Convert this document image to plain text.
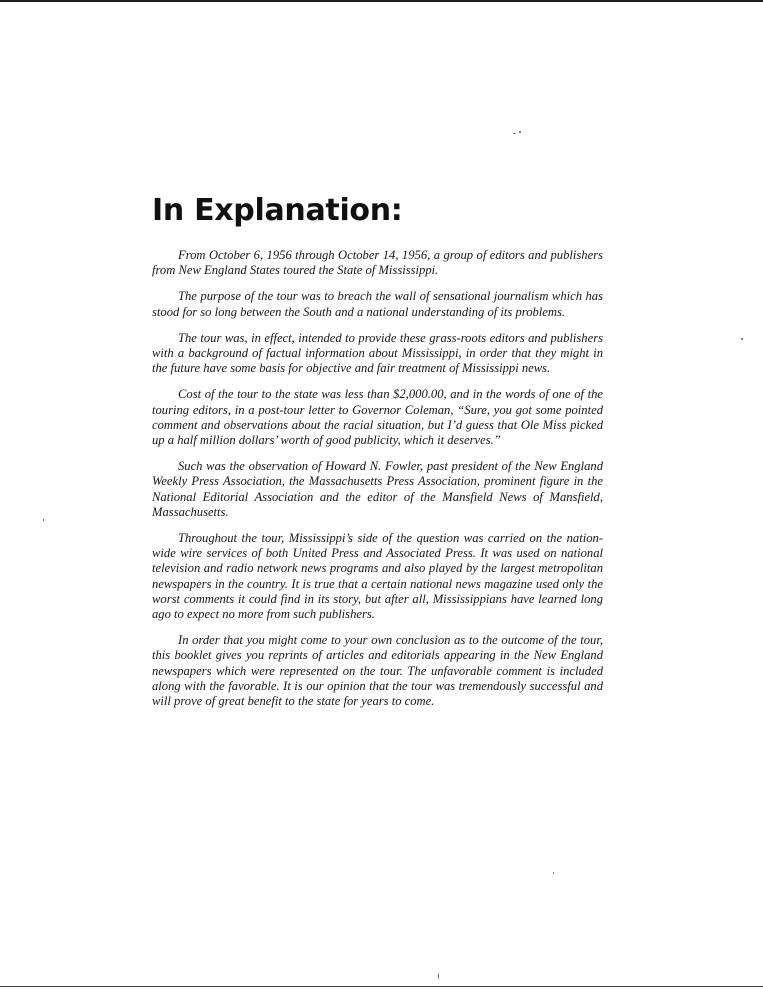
In Explanation:

From October 6, 1956 through October 14, 1956, a group of editors and publishers from New England States toured the State of Mississippi.

The purpose of the tour was to breach the wall of sensational journalism which has stood for so long between the South and a national understanding of its problems.

The tour was, in effect, intended to provide these grass-roots editors and publishers with a background of factual information about Mississippi, in order that they might in the future have some basis for objective and fair treatment of Mississippi news.

Cost of the tour to the state was less than $2,000.00, and in the words of one of the touring editors, in a post-tour letter to Governor Coleman, “Sure, you got some pointed comment and observations about the racial situation, but I’d guess that Ole Miss picked up a half million dollars’ worth of good publicity, which it deserves.”

Such was the observation of Howard N. Fowler, past president of the New England Weekly Press Association, the Massachusetts Press Association, prominent figure in the National Editorial Association and the editor of the Mansfield News of Mansfield, Massachusetts.

Throughout the tour, Mississippi’s side of the question was carried on the nation-wide wire services of both United Press and Associated Press. It was used on national television and radio network news programs and also played by the largest metropolitan newspapers in the country. It is true that a certain national news magazine used only the worst comments it could find in its story, but after all, Mississippians have learned long ago to expect no more from such publishers.

In order that you might come to your own conclusion as to the outcome of the tour, this booklet gives you reprints of articles and editorials appearing in the New England newspapers which were represented on the tour. The unfavorable comment is included along with the favorable. It is our opinion that the tour was tremendously successful and will prove of great benefit to the state for years to come.
